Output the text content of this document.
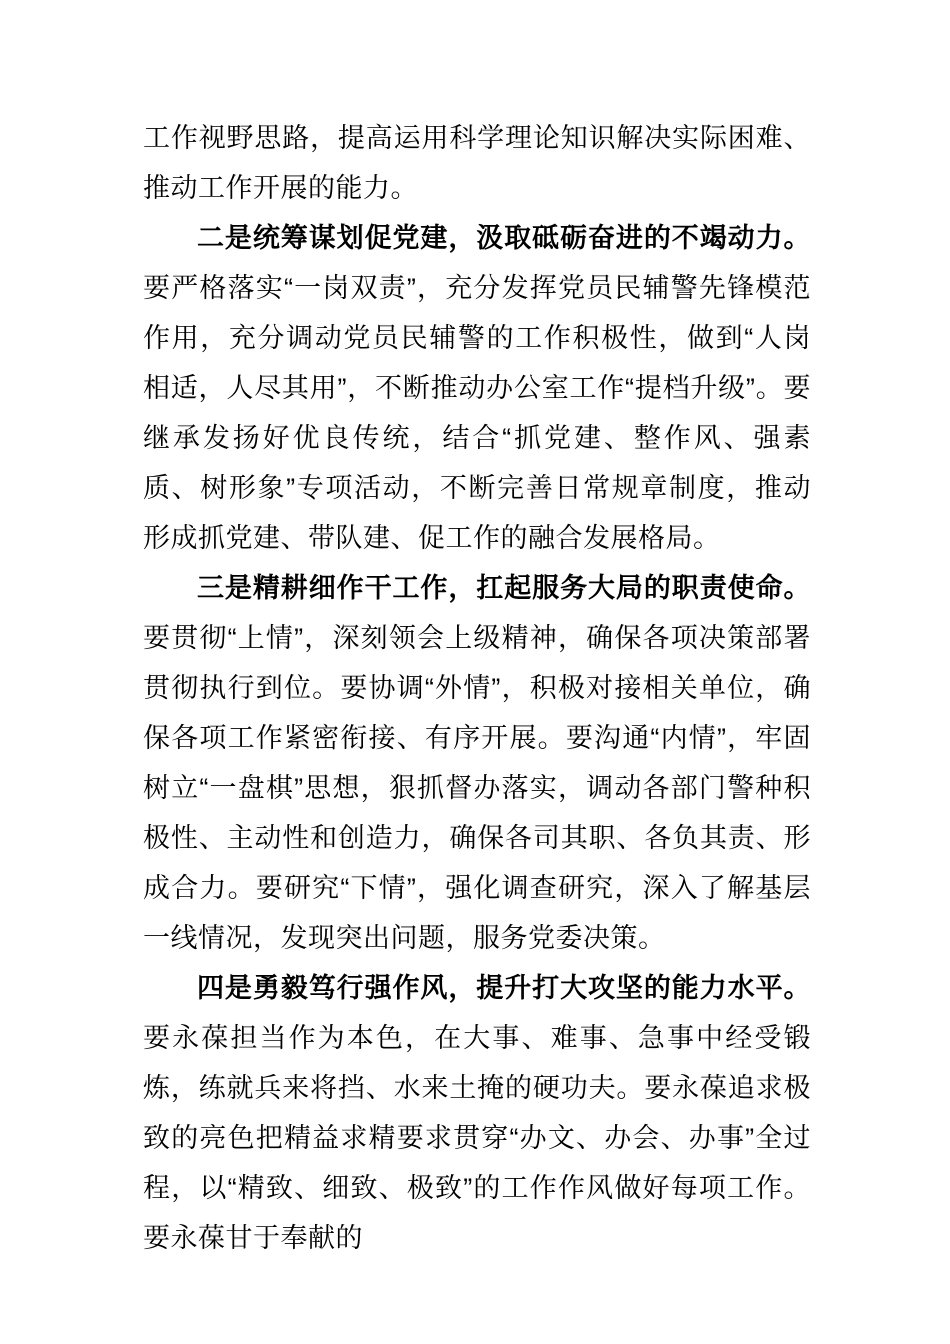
工作视野思路，提高运用科学理论知识解决实际困难、推动工作开展的能力。

二是统筹谋划促党建，汲取砥砺奋进的不竭动力。要严格落实“一岗双责”，充分发挥党员民辅警先锋模范作用，充分调动党员民辅警的工作积极性，做到“人岗相适，人尽其用”，不断推动办公室工作“提档升级”。要继承发扬好优良传统，结合“抓党建、整作风、强素质、树形象”专项活动，不断完善日常规章制度，推动形成抓党建、带队建、促工作的融合发展格局。

三是精耕细作干工作，扛起服务大局的职责使命。要贯彻“上情”，深刻领会上级精神，确保各项决策部署贯彻执行到位。要协调“外情”，积极对接相关单位，确保各项工作紧密衔接、有序开展。要沟通“内情”，牢固树立“一盘棋”思想，狠抓督办落实，调动各部门警种积极性、主动性和创造力，确保各司其职、各负其责、形成合力。要研究“下情”，强化调查研究，深入了解基层一线情况，发现突出问题，服务党委决策。

四是勇毅笃行强作风，提升打大攻坚的能力水平。要永葆担当作为本色，在大事、难事、急事中经受锻炼，练就兵来将挡、水来土掩的硬功夫。要永葆追求极致的亮色把精益求精要求贯穿“办文、办会、办事”全过程，以“精致、细致、极致”的工作作风做好每项工作。要永葆甘于奉献的
